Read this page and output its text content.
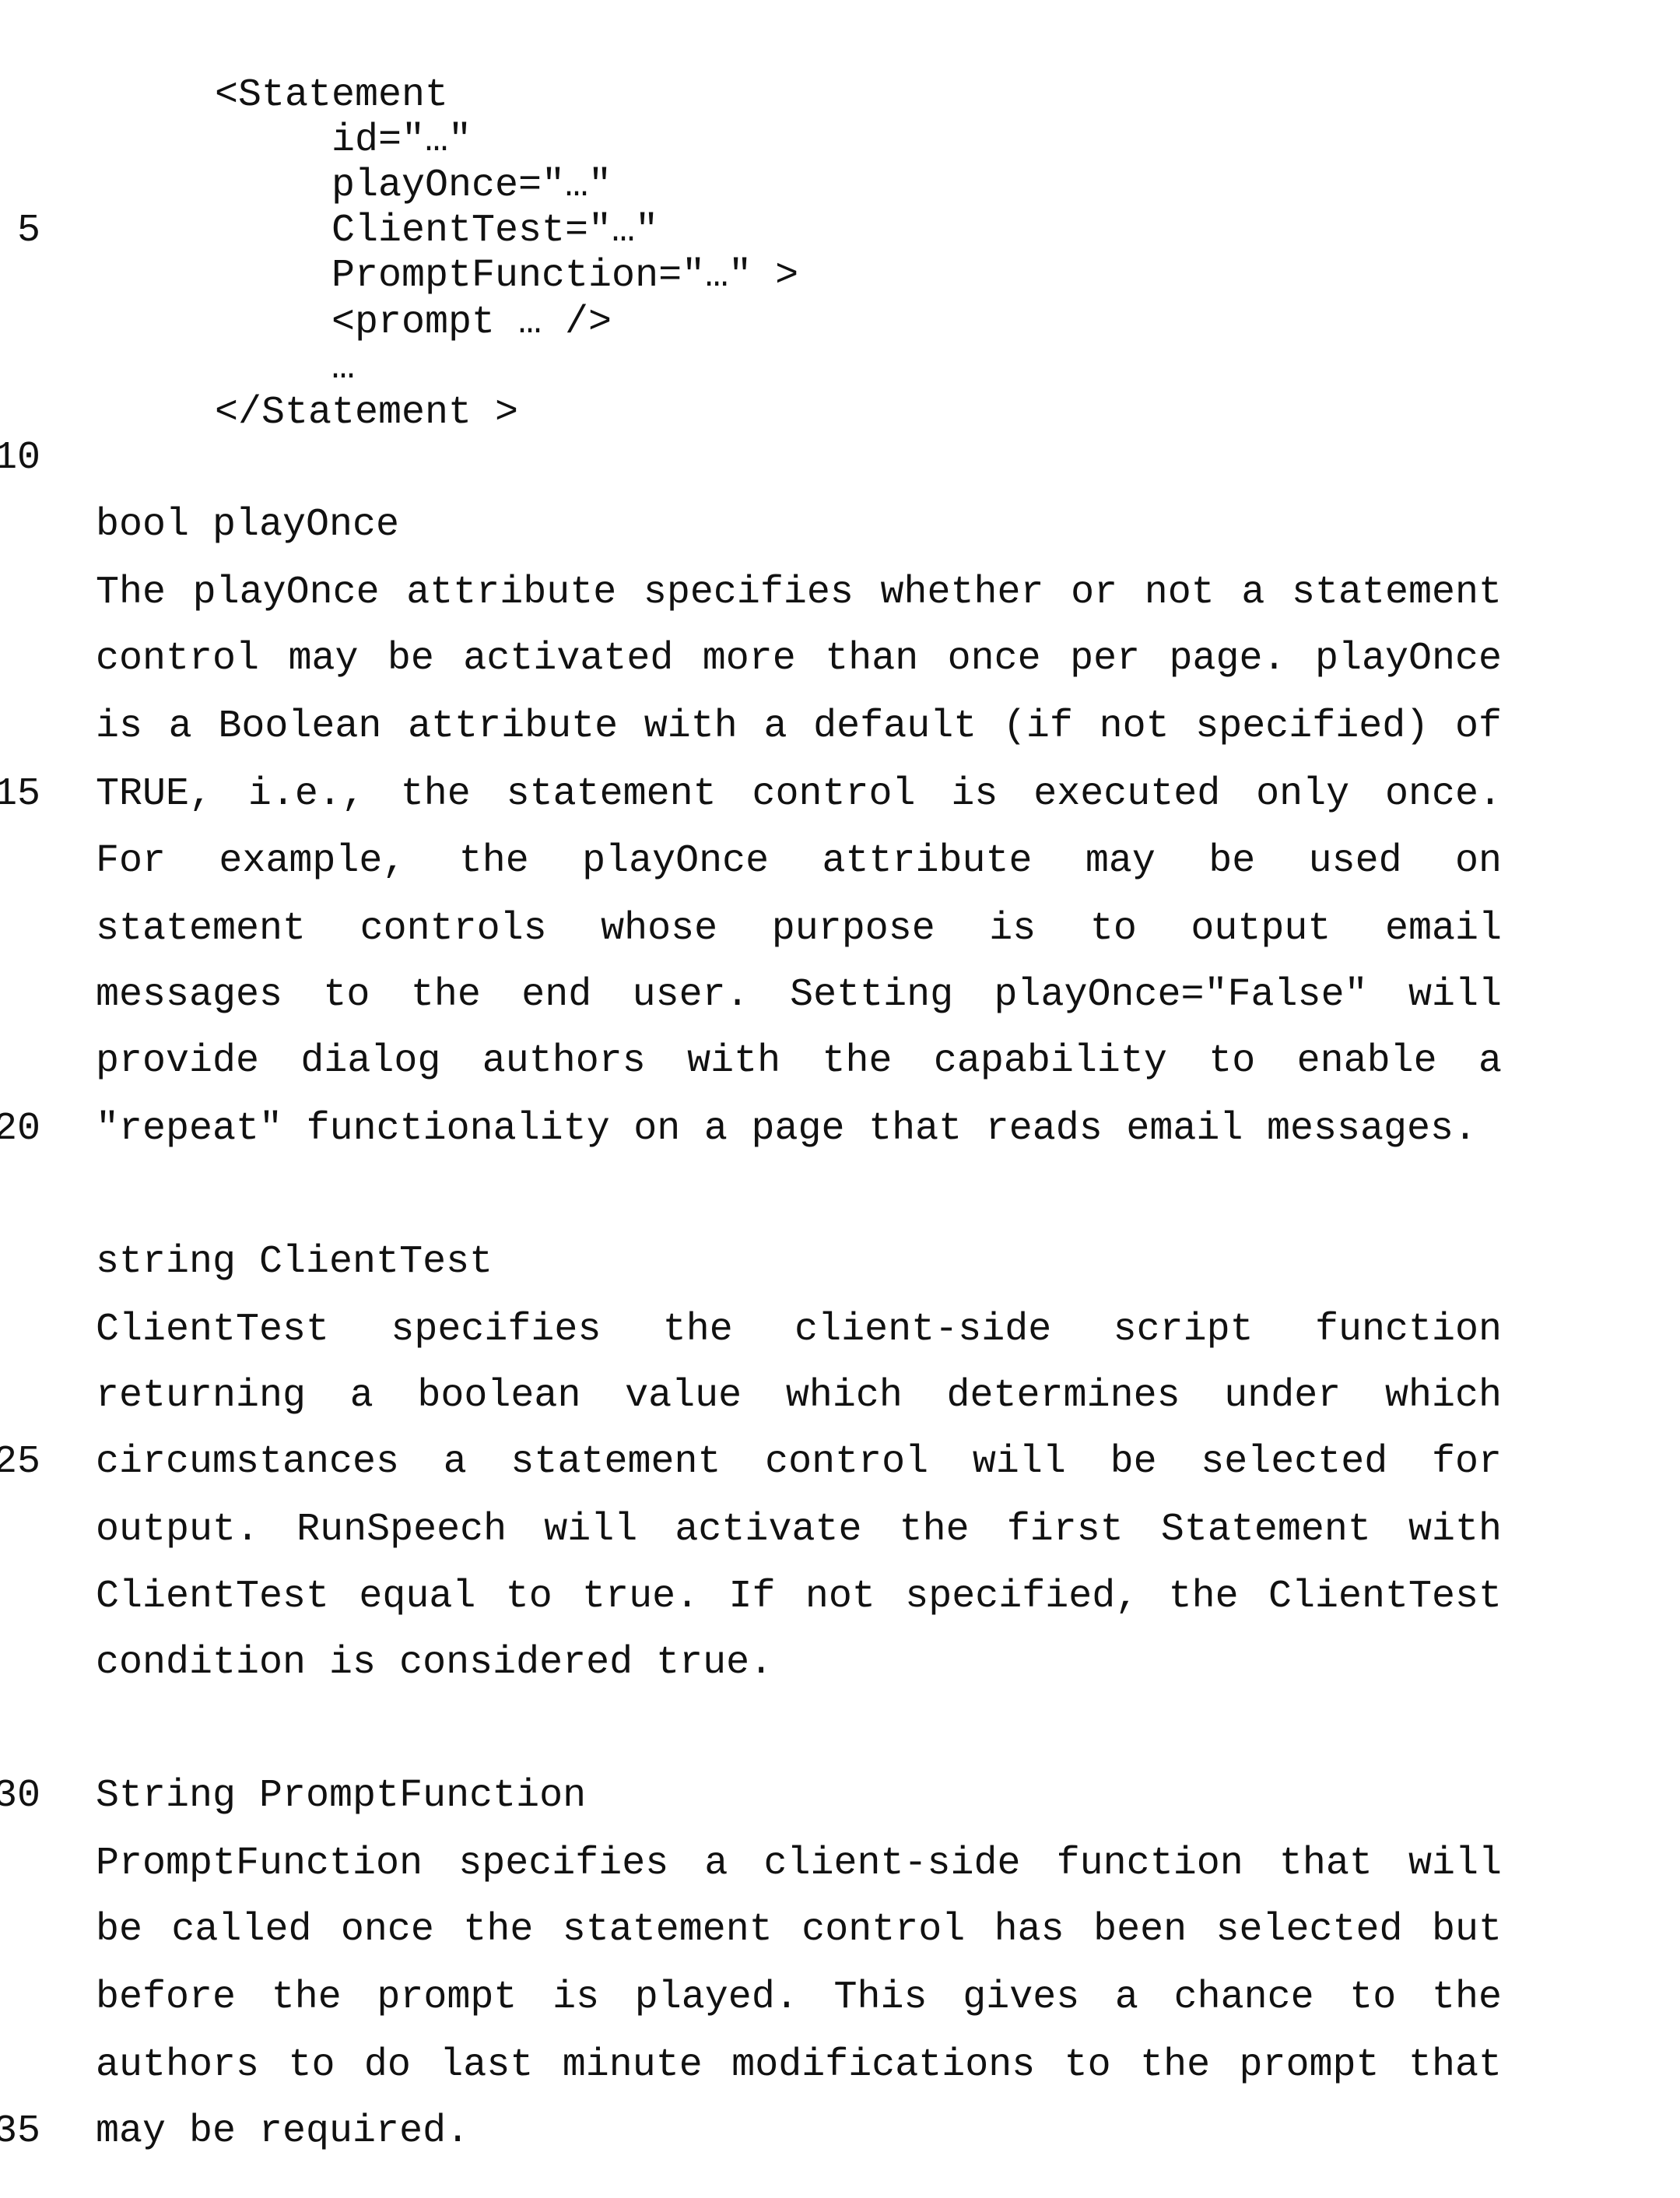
5
10
15
20
25
30
35
<Statement
id="…"
playOnce="…"
ClientTest="…"
PromptFunction="…" >
<prompt … />
…
</Statement >
bool playOnce
The playOnce attribute specifies whether or not a statement
control may be activated more than once per page. playOnce
is a Boolean attribute with a default (if not specified) of
TRUE, i.e., the statement control is executed only once.
For example, the playOnce attribute may be used on
statement controls whose purpose is to output email
messages to the end user. Setting playOnce="False" will
provide dialog authors with the capability to enable a
"repeat" functionality on a page that reads email messages.
string ClientTest
ClientTest specifies the client-side script function
returning a boolean value which determines under which
circumstances a statement control will be selected for
output. RunSpeech will activate the first Statement with
ClientTest equal to true. If not specified, the ClientTest
condition is considered true.
String PromptFunction
PromptFunction specifies a client-side function that will
be called once the statement control has been selected but
before the prompt is played. This gives a chance to the
authors to do last minute modifications to the prompt that
may be required.
